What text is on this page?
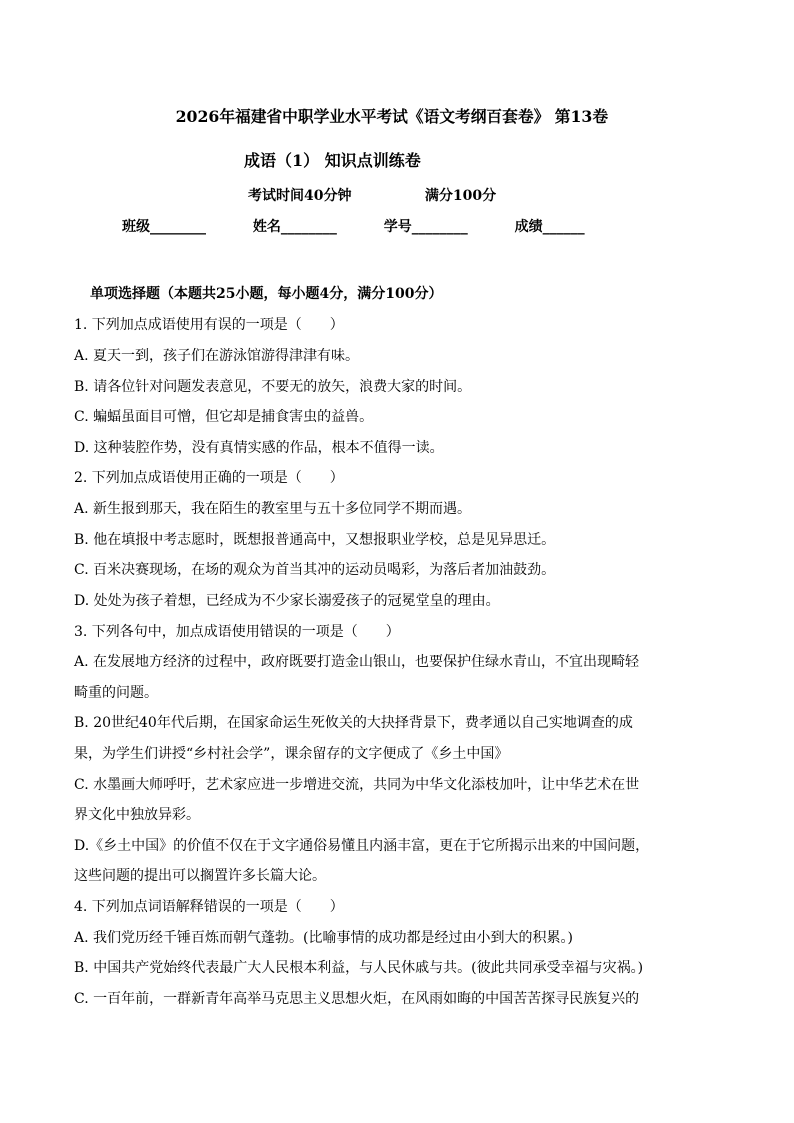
2026年福建省中职学业水平考试《语文考纲百套卷》 第13卷
成语（1） 知识点训练卷
考试时间40分钟	满分100分
班级________	姓名________	学号________	成绩______
单项选择题（本题共25小题，每小题4分，满分100分）
1. 下列加点成语使用有误的一项是（　　）
A. 夏天一到，孩子们在游泳馆游得津津有味。
B. 请各位针对问题发表意见，不要无的放矢，浪费大家的时间。
C. 蝙蝠虽面目可憎，但它却是捕食害虫的益兽。
D. 这种装腔作势，没有真情实感的作品，根本不值得一读。
2. 下列加点成语使用正确的一项是（　　）
A. 新生报到那天，我在陌生的教室里与五十多位同学不期而遇。
B. 他在填报中考志愿时，既想报普通高中，又想报职业学校，总是见异思迁。
C. 百米决赛现场，在场的观众为首当其冲的运动员喝彩，为落后者加油鼓劲。
D. 处处为孩子着想，已经成为不少家长溺爱孩子的冠冕堂皇的理由。
3. 下列各句中，加点成语使用错误的一项是（　　）
A. 在发展地方经济的过程中，政府既要打造金山银山，也要保护住绿水青山，不宜出现畸轻
畸重的问题。
B. 20世纪40年代后期，在国家命运生死攸关的大抉择背景下，费孝通以自己实地调查的成
果，为学生们讲授“乡村社会学”，课余留存的文字便成了《乡土中国》
C. 水墨画大师呼吁，艺术家应进一步增进交流，共同为中华文化添枝加叶，让中华艺术在世
界文化中独放异彩。
D.《乡土中国》的价值不仅在于文字通俗易懂且内涵丰富，更在于它所揭示出来的中国问题，
这些问题的提出可以搁置许多长篇大论。
4. 下列加点词语解释错误的一项是（　　）
A. 我们党历经千锤百炼而朝气蓬勃。(比喻事情的成功都是经过由小到大的积累。)
B. 中国共产党始终代表最广大人民根本利益，与人民休戚与共。(彼此共同承受幸福与灾祸。)
C. 一百年前，一群新青年高举马克思主义思想火炬，在风雨如晦的中国苦苦探寻民族复兴的
